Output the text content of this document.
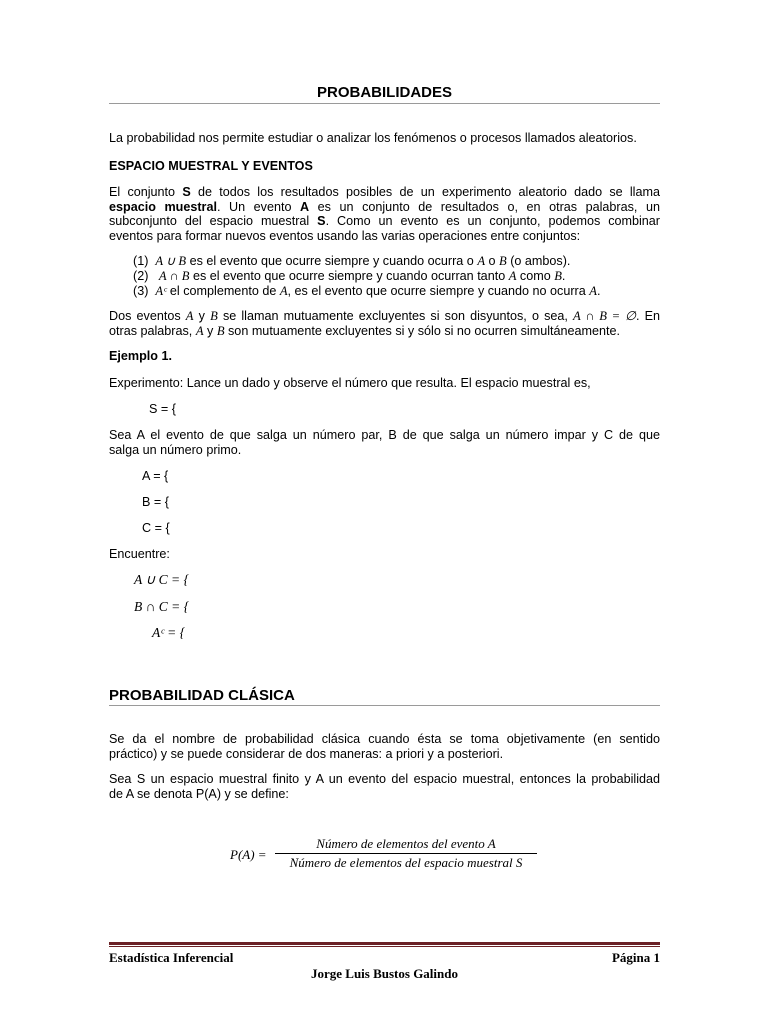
PROBABILIDADES
La probabilidad nos permite estudiar o analizar los fenómenos o procesos llamados aleatorios.
ESPACIO MUESTRAL Y EVENTOS
El conjunto S de todos los resultados posibles de un experimento aleatorio dado se llama
espacio muestral. Un evento A es un conjunto de resultados o, en otras palabras, un
subconjunto del espacio muestral S. Como un evento es un conjunto, podemos combinar
eventos para formar nuevos eventos usando las varias operaciones entre conjuntos:
(1) A ∪ B es el evento que ocurre siempre y cuando ocurra o A o B (o ambos).
(2) A ∩ B es el evento que ocurre siempre y cuando ocurran tanto A como B.
(3) Aᶜ el complemento de A, es el evento que ocurre siempre y cuando no ocurra A.
Dos eventos A y B se llaman mutuamente excluyentes si son disyuntos, o sea, A ∩ B = ∅. En
otras palabras, A y B son mutuamente excluyentes si y sólo si no ocurren simultáneamente.
Ejemplo 1.
Experimento: Lance un dado y observe el número que resulta. El espacio muestral es,
S = {
Sea A el evento de que salga un número par, B de que salga un número impar y C de que
salga un número primo.
A = {
B = {
C = {
Encuentre:
A ∪ C = {
B ∩ C = {
Aᶜ = {
PROBABILIDAD CLÁSICA
Se da el nombre de probabilidad clásica cuando ésta se toma objetivamente (en sentido
práctico) y se puede considerar de dos maneras: a priori y a posteriori.
Sea S un espacio muestral finito y A un evento del espacio muestral, entonces la probabilidad
de A se denota P(A) y se define:
P(A) =
Número de elementos del evento A
Número de elementos del espacio muestral S
Estadística Inferencial	Página 1
Jorge Luis Bustos Galindo
